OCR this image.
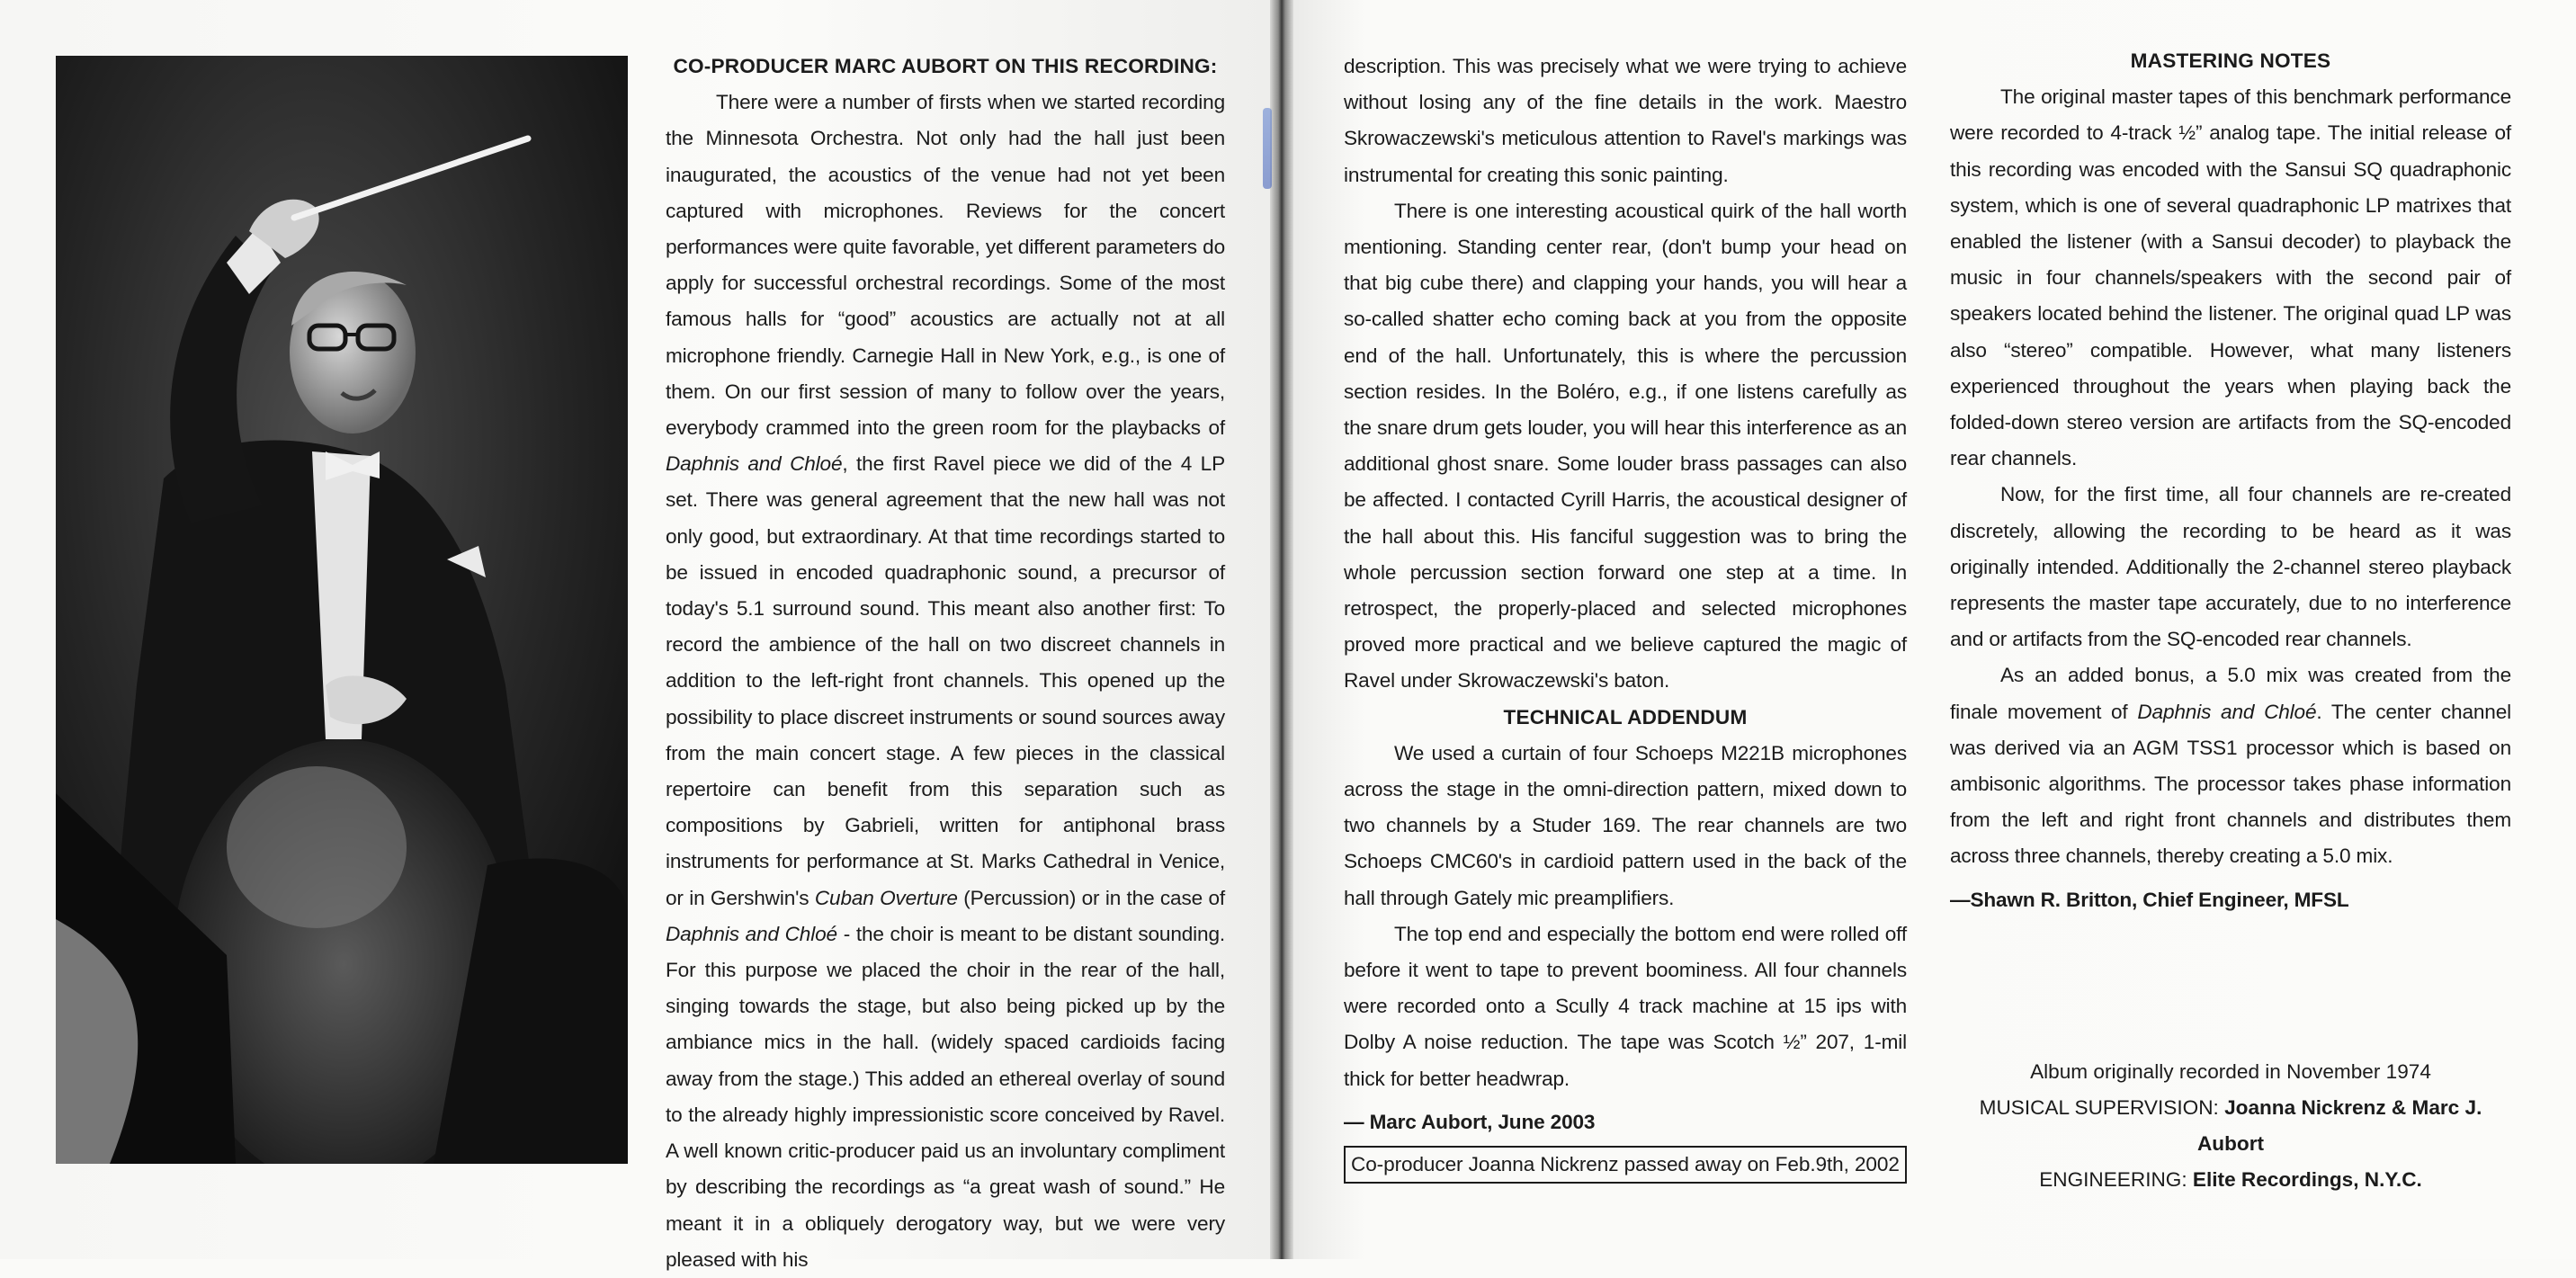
CO-PRODUCER MARC AUBORT ON THIS RECORDING:

There were a number of firsts when we started recording the Minnesota Orchestra. Not only had the hall just been inaugurated, the acoustics of the venue had not yet been captured with microphones. Reviews for the concert performances were quite favorable, yet different parameters do apply for successful orchestral recordings. Some of the most famous halls for “good” acoustics are actually not at all microphone friendly. Carnegie Hall in New York, e.g., is one of them. On our first session of many to follow over the years, everybody crammed into the green room for the playbacks of Daphnis and Chloé, the first Ravel piece we did of the 4 LP set. There was general agreement that the new hall was not only good, but extraordinary. At that time recordings started to be issued in encoded quadraphonic sound, a precursor of today's 5.1 surround sound. This meant also another first: To record the ambience of the hall on two discreet channels in addition to the left-right front channels. This opened up the possibility to place discreet instruments or sound sources away from the main concert stage. A few pieces in the classical repertoire can benefit from this separation such as compositions by Gabrieli, written for antiphonal brass instruments for performance at St. Marks Cathedral in Venice, or in Gershwin's Cuban Overture (Percussion) or in the case of Daphnis and Chloé - the choir is meant to be distant sounding. For this purpose we placed the choir in the rear of the hall, singing towards the stage, but also being picked up by the ambiance mics in the hall. (widely spaced cardioids facing away from the stage.) This added an ethereal overlay of sound to the already highly impressionistic score conceived by Ravel. A well known critic-producer paid us an involuntary compliment by describing the recordings as “a great wash of sound.” He meant it in a obliquely derogatory way, but we were very pleased with his

description. This was precisely what we were trying to achieve without losing any of the fine details in the work. Maestro Skrowaczewski's meticulous attention to Ravel's markings was instrumental for creating this sonic painting.

There is one interesting acoustical quirk of the hall worth mentioning. Standing center rear, (don't bump your head on that big cube there) and clapping your hands, you will hear a so-called shatter echo coming back at you from the opposite end of the hall. Unfortunately, this is where the percussion section resides. In the Boléro, e.g., if one listens carefully as the snare drum gets louder, you will hear this interference as an additional ghost snare. Some louder brass passages can also be affected. I contacted Cyrill Harris, the acoustical designer of the hall about this. His fanciful suggestion was to bring the whole percussion section forward one step at a time. In retrospect, the properly-placed and selected microphones proved more practical and we believe captured the magic of Ravel under Skrowaczewski's baton.

TECHNICAL ADDENDUM

We used a curtain of four Schoeps M221B microphones across the stage in the omni-direction pattern, mixed down to two channels by a Studer 169. The rear channels are two Schoeps CMC60's in cardioid pattern used in the back of the hall through Gately mic preamplifiers.

The top end and especially the bottom end were rolled off before it went to tape to prevent boominess. All four channels were recorded onto a Scully 4 track machine at 15 ips with Dolby A noise reduction. The tape was Scotch ½” 207, 1-mil thick for better headwrap.

— Marc Aubort, June 2003

Co-producer Joanna Nickrenz passed away on Feb.9th, 2002
MASTERING NOTES

The original master tapes of this benchmark performance were recorded to 4-track ½” analog tape. The initial release of this recording was encoded with the Sansui SQ quadraphonic system, which is one of several quadraphonic LP matrixes that enabled the listener (with a Sansui decoder) to playback the music in four channels/speakers with the second pair of speakers located behind the listener. The original quad LP was also “stereo” compatible. However, what many listeners experienced throughout the years when playing back the folded-down stereo version are artifacts from the SQ-encoded rear channels.

Now, for the first time, all four channels are re-created discretely, allowing the recording to be heard as it was originally intended. Additionally the 2-channel stereo playback represents the master tape accurately, due to no interference and or artifacts from the SQ-encoded rear channels.

As an added bonus, a 5.0 mix was created from the finale movement of Daphnis and Chloé. The center channel was derived via an AGM TSS1 processor which is based on ambisonic algorithms. The processor takes phase information from the left and right front channels and distributes them across three channels, thereby creating a 5.0 mix.

—Shawn R. Britton, Chief Engineer, MFSL

Album originally recorded in November 1974
MUSICAL SUPERVISION: Joanna Nickrenz & Marc J. Aubort
ENGINEERING: Elite Recordings, N.Y.C.
